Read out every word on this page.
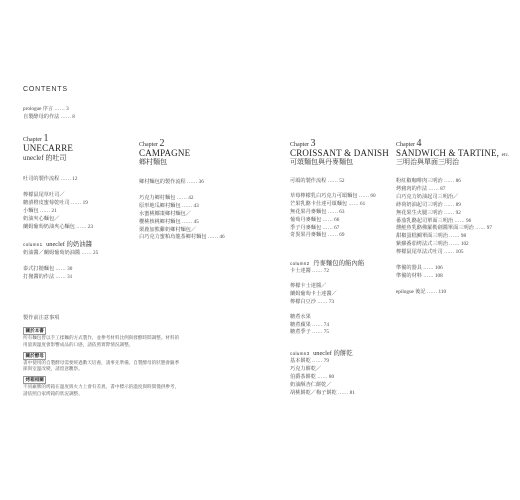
CONTENTS
prologue 序言 …… 3
自製酵母的作法 …… 8
Chapter 1
UNECARRE
uneclef 的吐司
吐司的製作流程 …… 12
檸檬鼠尾草吐司／
糖漬橙皮蜜莓乾吐司 …… 19
小麵包 …… 21
奶油夾心麵包／
蘭姆葡萄奶油夾心麵包 …… 23
column1 uneclef 的奶油醬
奶油醬／蘭姆葡萄奶油醬 …… 25
泰式打拋麵包 …… 30
打拋醬的作法 …… 31
製作前注意事項
關於本書

所有麵包皆以手工揉麵的方式製作，並參考材料比例與發酵時間調整。材料的用量與溫度會影響成品的口感，請依照實際情況調整。

關於酵母

書中使用的自製酵母需要經過數天培養，請事先準備。自製酵母的狀態會隨季節與室溫改變，請留意觀察。

烤箱相關

不同廠牌的烤箱在溫度與火力上會有差異，書中標示的溫度與時間僅供參考，請依照自家烤箱的狀況調整。

Chapter 2
CAMPAGNE
鄉村麵包
鄉村麵包的製作流程 …… 36
巧克力鄉村麵包 …… 42
原形地瓜鄉村麵包 …… 43
水蜜桃椰棗鄉村麵包／
櫻桃核桃鄉村麵包 …… 45
栗鹿加熊雞奶鄉村麵包／
白巧克力蜜粕烏龍茶鄉村麵包 …… 46
Chapter 3
CROISSANT & DANISH
可頌麵包與丹麥麵包
可頌的製作流程 …… 52
草莓檸檬乳白巧克力可頌麵包 …… 60
芒果乳酪卡仕達可頌麵包 …… 61
無花果丹麥麵包 …… 63
葡萄丹麥麵包 …… 66
季子丹麥麵包 …… 67
奇異果丹麥麵包 …… 69
column2 丹麥麵包的餡內餡
卡士達醬 …… 72
檸檬卡士達醬／
蘭姆葡萄卡士達醬／
檸檬白豆沙 …… 73
糖煮水果
糖煮蘋果 …… 74
糖煮季子 …… 75
column3 uneclef 的餅乾
基本餅乾 …… 79
巧克力餅乾／
伯爵茶餅乾 …… 80
奶油酥杏仁餅乾／
胡桃餅乾／梅子餅乾 …… 81
Chapter 4
SANDWICH & TARTINE, etc.
三明治與單面三明治
粉紅椒咖啡肉三明治 …… 86
烤豬肉的作法 …… 87
白巧克力奶油起司三明治／
蒔荷奶油起司三明治 …… 89
無花果生火腿三明治 …… 92
番茄乳酪起司單面三明治 …… 96
燻鮭魚乳酪佛羅勒劍醬單面三明治 …… 97
甜椒蛋糕鯛單面三明治 …… 98
紫蘇番茄烤法式三明治 …… 102
檸檬鼠尾草法式吐司 …… 105
準備的器具 …… 106
準備的材料 …… 108
epilogue 後記 …… 110
